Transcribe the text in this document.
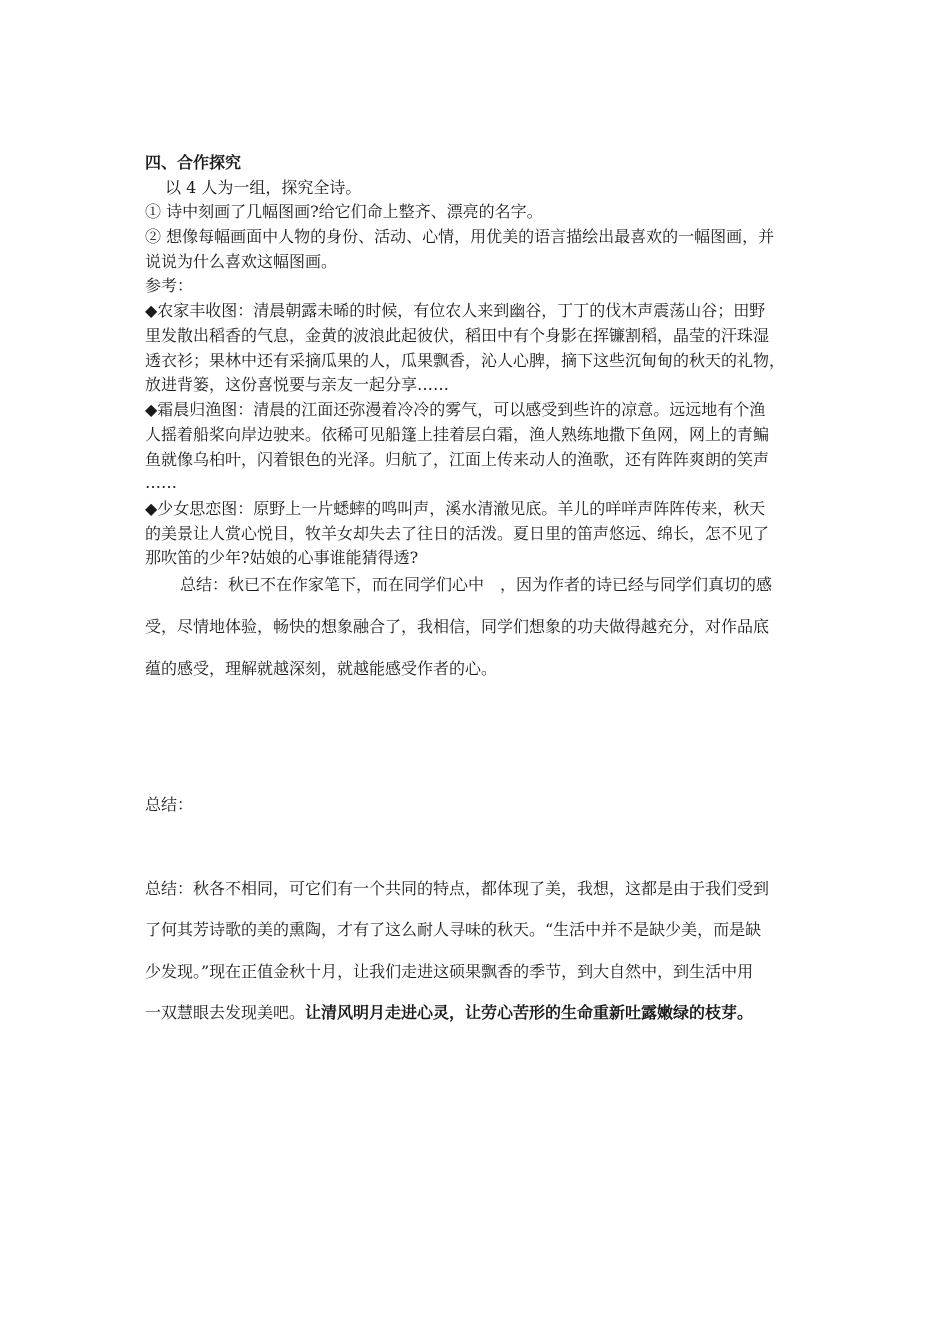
四、合作探究
以 4 人为一组，探究全诗。
① 诗中刻画了几幅图画?给它们命上整齐、漂亮的名字。
② 想像每幅画面中人物的身份、活动、心情，用优美的语言描绘出最喜欢的一幅图画，并
说说为什么喜欢这幅图画。
参考：
◆农家丰收图：清晨朝露未晞的时候，有位农人来到幽谷，丁丁的伐木声震荡山谷；田野
里发散出稻香的气息，金黄的波浪此起彼伏，稻田中有个身影在挥镰割稻，晶莹的汗珠湿
透衣衫；果林中还有采摘瓜果的人，瓜果飘香，沁人心脾，摘下这些沉甸甸的秋天的礼物，
放进背篓，这份喜悦要与亲友一起分享……
◆霜晨归渔图：清晨的江面还弥漫着冷冷的雾气，可以感受到些许的凉意。远远地有个渔
人摇着船桨向岸边驶来。依稀可见船篷上挂着层白霜，渔人熟练地撒下鱼网，网上的青鳊
鱼就像乌桕叶，闪着银色的光泽。归航了，江面上传来动人的渔歌，还有阵阵爽朗的笑声
……
◆少女思恋图：原野上一片蟋蟀的鸣叫声，溪水清澈见底。羊儿的咩咩声阵阵传来，秋天
的美景让人赏心悦目，牧羊女却失去了往日的活泼。夏日里的笛声悠远、绵长，怎不见了
那吹笛的少年?姑娘的心事谁能猜得透?
总结：秋已不在作家笔下，而在同学们心中　，因为作者的诗已经与同学们真切的感
受，尽情地体验，畅快的想象融合了，我相信，同学们想象的功夫做得越充分，对作品底
蕴的感受，理解就越深刻，就越能感受作者的心。
总结：
总结：秋各不相同，可它们有一个共同的特点，都体现了美，我想，这都是由于我们受到
了何其芳诗歌的美的熏陶，才有了这么耐人寻味的秋天。“生活中并不是缺少美，而是缺
少发现。”现在正值金秋十月，让我们走进这硕果飘香的季节，到大自然中，到生活中用
一双慧眼去发现美吧。让清风明月走进心灵，让劳心苦形的生命重新吐露嫩绿的枝芽。
